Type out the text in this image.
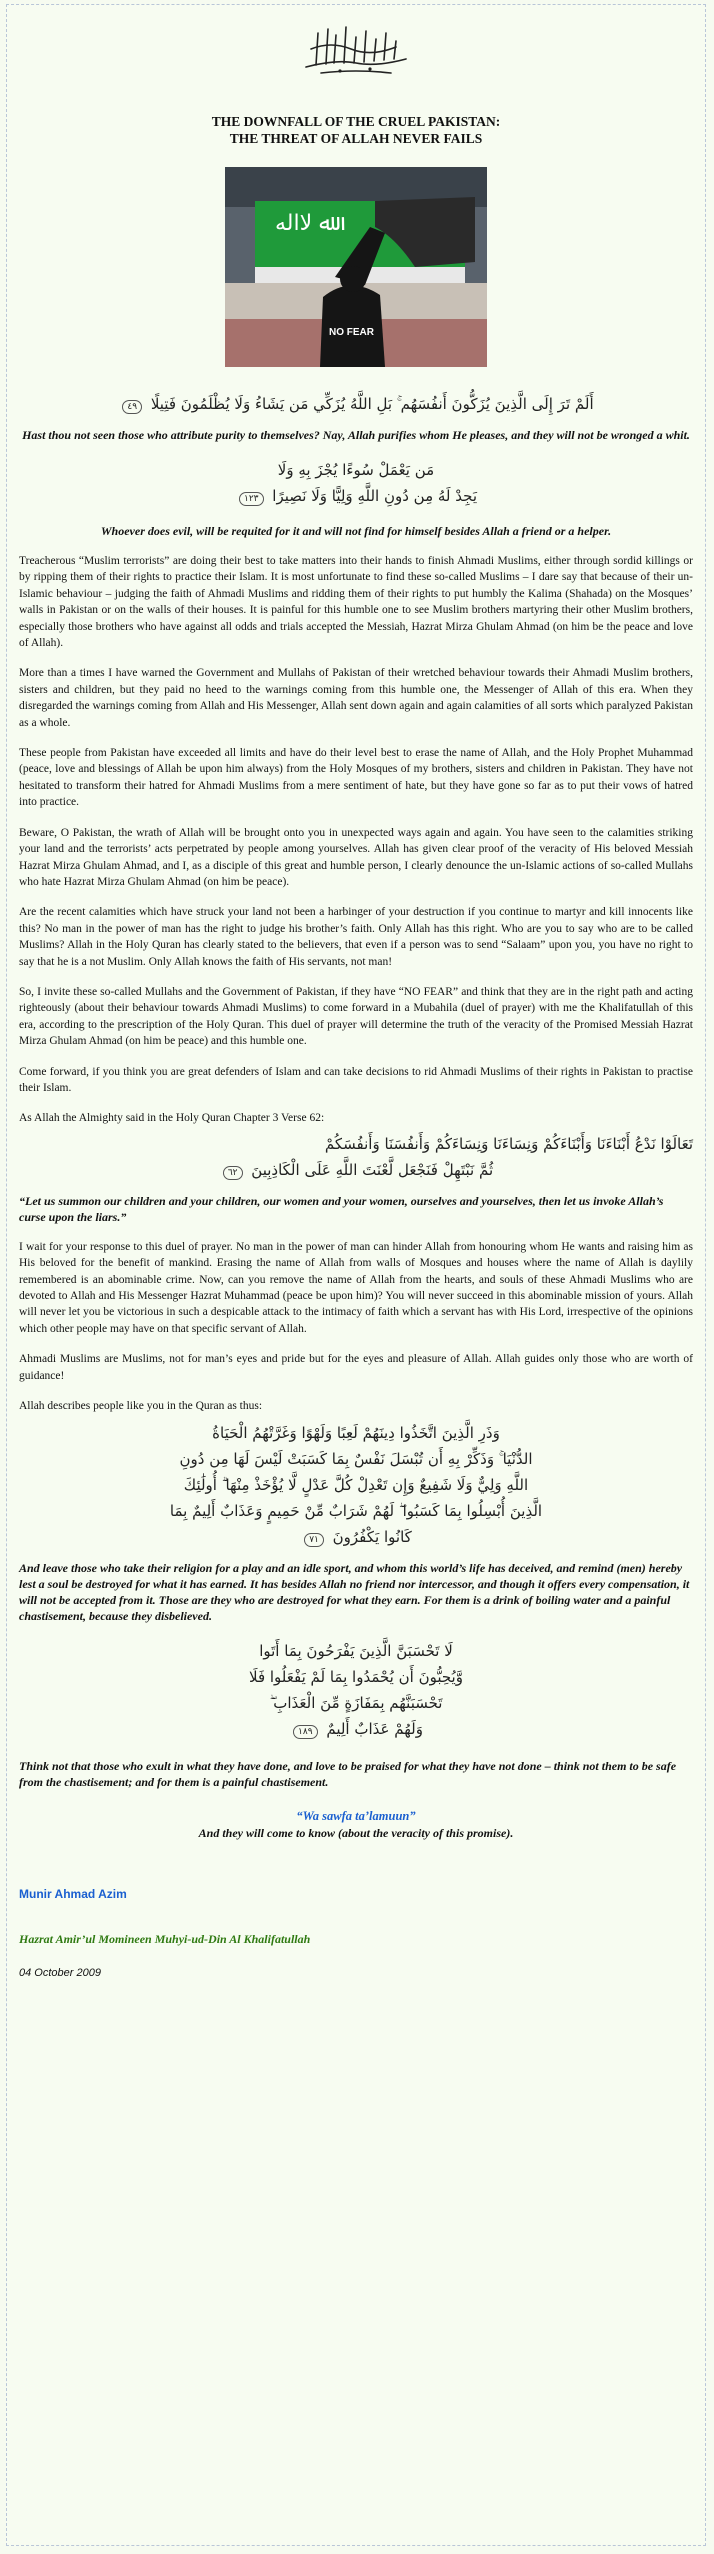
THE DOWNFALL OF THE CRUEL PAKISTAN:
THE THREAT OF ALLAH NEVER FAILS
ﷲ ﻻﺍﻟﻪ
NO FEAR
أَلَمْ تَرَ إِلَى الَّذِينَ يُزَكُّونَ أَنفُسَهُم ۚ بَلِ اللَّهُ يُزَكِّي مَن يَشَاءُ وَلَا يُظْلَمُونَ فَتِيلًا ٤٩
Hast thou not seen those who attribute purity to themselves? Nay, Allah purifies whom He pleases, and they will not be wronged a whit.
مَن يَعْمَلْ سُوءًا يُجْزَ بِهِ وَلَا
يَجِدْ لَهُ مِن دُونِ اللَّهِ وَلِيًّا وَلَا نَصِيرًا ١٢٣
Whoever does evil, will be requited for it and will not find for himself besides Allah a friend or a helper.

Treacherous “Muslim terrorists” are doing their best to take matters into their hands to finish Ahmadi Muslims, either through sordid killings or by ripping them of their rights to practice their Islam. It is most unfortunate to find these so-called Muslims – I dare say that because of their un-Islamic behaviour – judging the faith of Ahmadi Muslims and ridding them of their rights to put humbly the Kalima (Shahada) on the Mosques’ walls in Pakistan or on the walls of their houses. It is painful for this humble one to see Muslim brothers martyring their other Muslim brothers, especially those brothers who have against all odds and trials accepted the Messiah, Hazrat Mirza Ghulam Ahmad (on him be the peace and love of Allah).

More than a times I have warned the Government and Mullahs of Pakistan of their wretched behaviour towards their Ahmadi Muslim brothers, sisters and children, but they paid no heed to the warnings coming from this humble one, the Messenger of Allah of this era. When they disregarded the warnings coming from Allah and His Messenger, Allah sent down again and again calamities of all sorts which paralyzed Pakistan as a whole.

These people from Pakistan have exceeded all limits and have do their level best to erase the name of Allah, and the Holy Prophet Muhammad (peace, love and blessings of Allah be upon him always) from the Holy Mosques of my brothers, sisters and children in Pakistan. They have not hesitated to transform their hatred for Ahmadi Muslims from a mere sentiment of hate, but they have gone so far as to put their vows of hatred into practice.

Beware, O Pakistan, the wrath of Allah will be brought onto you in unexpected ways again and again. You have seen to the calamities striking your land and the terrorists’ acts perpetrated by people among yourselves. Allah has given clear proof of the veracity of His beloved Messiah Hazrat Mirza Ghulam Ahmad, and I, as a disciple of this great and humble person, I clearly denounce the un-Islamic actions of so-called Mullahs who hate Hazrat Mirza Ghulam Ahmad (on him be peace).

Are the recent calamities which have struck your land not been a harbinger of your destruction if you continue to martyr and kill innocents like this? No man in the power of man has the right to judge his brother’s faith. Only Allah has this right. Who are you to say who are to be called Muslims? Allah in the Holy Quran has clearly stated to the believers, that even if a person was to send “Salaam” upon you, you have no right to say that he is a not Muslim. Only Allah knows the faith of His servants, not man!

So, I invite these so-called Mullahs and the Government of Pakistan, if they have “NO FEAR” and think that they are in the right path and acting righteously (about their behaviour towards Ahmadi Muslims) to come forward in a Mubahila (duel of prayer) with me the Khalifatullah of this era, according to the prescription of the Holy Quran. This duel of prayer will determine the truth of the veracity of the Promised Messiah Hazrat Mirza Ghulam Ahmad (on him be peace) and this humble one.

Come forward, if you think you are great defenders of Islam and can take decisions to rid Ahmadi Muslims of their rights in Pakistan to practise their Islam.

As Allah the Almighty said in the Holy Quran Chapter 3 Verse 62:

تَعَالَوْا نَدْعُ أَبْنَاءَنَا وَأَبْنَاءَكُمْ وَنِسَاءَنَا وَنِسَاءَكُمْ وَأَنفُسَنَا وَأَنفُسَكُمْ
ثُمَّ نَبْتَهِلْ فَنَجْعَل لَّعْنَتَ اللَّهِ عَلَى الْكَاذِبِينَ ٦٢
“Let us summon our children and your children, our women and your women, ourselves and yourselves, then let us invoke Allah’s curse upon the liars.”

I wait for your response to this duel of prayer. No man in the power of man can hinder Allah from honouring whom He wants and raising him as His beloved for the benefit of mankind. Erasing the name of Allah from walls of Mosques and houses where the name of Allah is daylily remembered is an abominable crime. Now, can you remove the name of Allah from the hearts, and souls of these Ahmadi Muslims who are devoted to Allah and His Messenger Hazrat Muhammad (peace be upon him)? You will never succeed in this abominable mission of yours. Allah will never let you be victorious in such a despicable attack to the intimacy of faith which a servant has with His Lord, irrespective of the opinions which other people may have on that specific servant of Allah.

Ahmadi Muslims are Muslims, not for man’s eyes and pride but for the eyes and pleasure of Allah. Allah guides only those who are worth of guidance!

Allah describes people like you in the Quran as thus:

وَذَرِ الَّذِينَ اتَّخَذُوا دِينَهُمْ لَعِبًا وَلَهْوًا وَغَرَّتْهُمُ الْحَيَاةُ
الدُّنْيَا ۚ وَذَكِّرْ بِهِ أَن تُبْسَلَ نَفْسٌ بِمَا كَسَبَتْ لَيْسَ لَهَا مِن دُونِ
اللَّهِ وَلِيٌّ وَلَا شَفِيعٌ وَإِن تَعْدِلْ كُلَّ عَدْلٍ لَّا يُؤْخَذْ مِنْهَا ۗ أُولَٰئِكَ
الَّذِينَ أُبْسِلُوا بِمَا كَسَبُوا ۖ لَهُمْ شَرَابٌ مِّنْ حَمِيمٍ وَعَذَابٌ أَلِيمٌ بِمَا
كَانُوا يَكْفُرُونَ ٧١
And leave those who take their religion for a play and an idle sport, and whom this world’s life has deceived, and remind (men) hereby lest a soul be destroyed for what it has earned. It has besides Allah no friend nor intercessor, and though it offers every compensation, it will not be accepted from it. Those are they who are destroyed for what they earn. For them is a drink of boiling water and a painful chastisement, because they disbelieved.
لَا تَحْسَبَنَّ الَّذِينَ يَفْرَحُونَ بِمَا أَتَوا
وَّيُحِبُّونَ أَن يُحْمَدُوا بِمَا لَمْ يَفْعَلُوا فَلَا
تَحْسَبَنَّهُم بِمَفَازَةٍ مِّنَ الْعَذَابِ ۖ
وَلَهُمْ عَذَابٌ أَلِيمٌ ١٨٩
Think not that those who exult in what they have done, and love to be praised for what they have not done – think not them to be safe from the chastisement; and for them is a painful chastisement.
“Wa sawfa ta’lamuun”
And they will come to know (about the veracity of this promise).

Munir Ahmad Azim

Hazrat Amir’ul Momineen Muhyi-ud-Din Al Khalifatullah

04 October 2009
